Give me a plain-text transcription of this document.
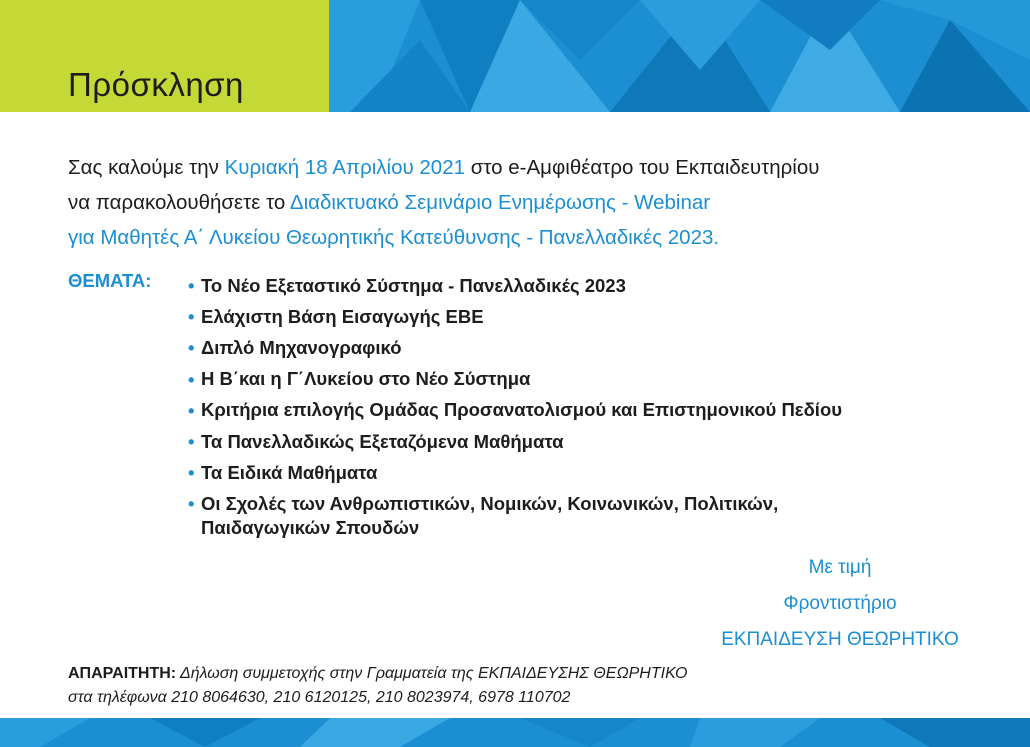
Πρόσκληση
Σας καλούμε την Κυριακή 18 Απριλίου 2021 στο e-Αμφιθέατρο του Εκπαιδευτηρίου
να παρακολουθήσετε το Διαδικτυακό Σεμινάριο Ενημέρωσης - Webinar
για Μαθητές Α΄ Λυκείου Θεωρητικής Κατεύθυνσης - Πανελλαδικές 2023.
ΘΕΜΑΤΑ: • Το Νέο Εξεταστικό Σύστημα - Πανελλαδικές 2023
• Ελάχιστη Βάση Εισαγωγής ΕΒΕ
• Διπλό Μηχανογραφικό
• Η Β΄και η Γ΄Λυκείου στο Νέο Σύστημα
• Κριτήρια επιλογής Ομάδας Προσανατολισμού και Επιστημονικού Πεδίου
• Τα Πανελλαδικώς Εξεταζόμενα Μαθήματα
• Τα Ειδικά Μαθήματα
• Οι Σχολές των Ανθρωπιστικών, Νομικών, Κοινωνικών, Πολιτικών,
Παιδαγωγικών Σπουδών
Με τιμή
Φροντιστήριο
ΕΚΠΑΙΔΕΥΣΗ ΘΕΩΡΗΤΙΚΟ
ΑΠΑΡΑΙΤΗΤΗ: Δήλωση συμμετοχής στην Γραμματεία της ΕΚΠΑΙΔΕΥΣΗΣ ΘΕΩΡΗΤΙΚΟ
στα τηλέφωνα 210 8064630, 210 6120125, 210 8023974, 6978 110702
